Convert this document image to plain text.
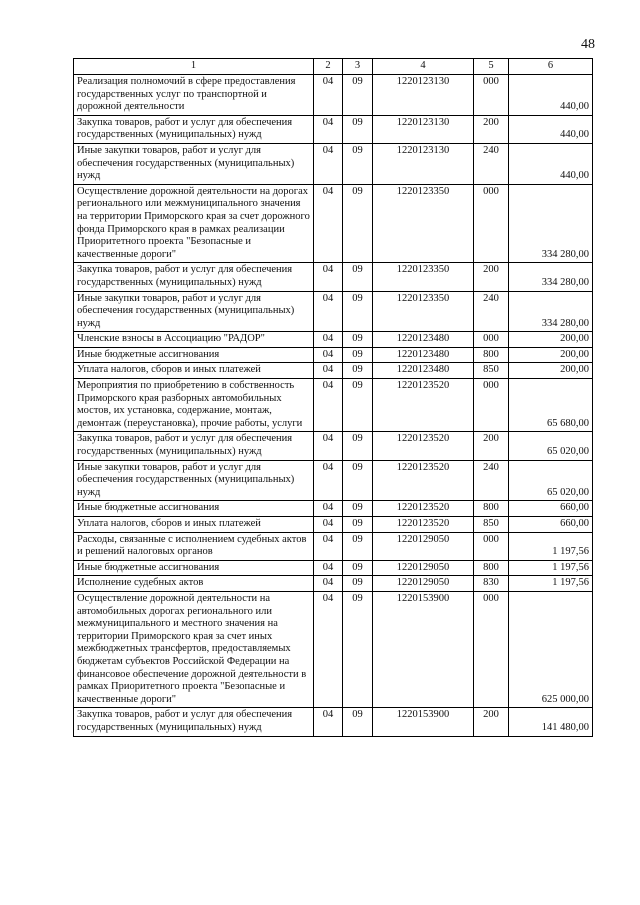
48
1	2	3	4	5	6
Реализация полномочий в сфере предоставления государственных услуг по транспортной и дорожной деятельности	04	09	1220123130	000	440,00
Закупка товаров, работ и услуг для обеспечения государственных (муниципальных) нужд	04	09	1220123130	200	440,00
Иные закупки товаров, работ и услуг для обеспечения государственных (муниципальных) нужд	04	09	1220123130	240	440,00
Осуществление дорожной деятельности на дорогах регионального или межмуниципального значения на территории Приморского края за счет дорожного фонда Приморского края в рамках реализации Приоритетного проекта "Безопасные и качественные дороги"	04	09	1220123350	000	334 280,00
Закупка товаров, работ и услуг для обеспечения государственных (муниципальных) нужд	04	09	1220123350	200	334 280,00
Иные закупки товаров, работ и услуг для обеспечения государственных (муниципальных) нужд	04	09	1220123350	240	334 280,00
Членские взносы в Ассоциацию "РАДОР"	04	09	1220123480	000	200,00
Иные бюджетные ассигнования	04	09	1220123480	800	200,00
Уплата налогов, сборов и иных платежей	04	09	1220123480	850	200,00
Мероприятия по приобретению в собственность Приморского края разборных автомобильных мостов, их установка, содержание, монтаж, демонтаж (переустановка), прочие работы, услуги	04	09	1220123520	000	65 680,00
Закупка товаров, работ и услуг для обеспечения государственных (муниципальных) нужд	04	09	1220123520	200	65 020,00
Иные закупки товаров, работ и услуг для обеспечения государственных (муниципальных) нужд	04	09	1220123520	240	65 020,00
Иные бюджетные ассигнования	04	09	1220123520	800	660,00
Уплата налогов, сборов и иных платежей	04	09	1220123520	850	660,00
Расходы, связанные с исполнением судебных актов и решений налоговых органов	04	09	1220129050	000	1 197,56
Иные бюджетные ассигнования	04	09	1220129050	800	1 197,56
Исполнение судебных актов	04	09	1220129050	830	1 197,56
Осуществление дорожной деятельности на автомобильных дорогах регионального или межмуниципального и местного значения на территории Приморского края за счет иных межбюджетных трансфертов, предоставляемых бюджетам субъектов Российской Федерации на финансовое обеспечение дорожной деятельности в рамках Приоритетного проекта "Безопасные и качественные дороги"	04	09	1220153900	000	625 000,00
Закупка товаров, работ и услуг для обеспечения государственных (муниципальных) нужд	04	09	1220153900	200	141 480,00
